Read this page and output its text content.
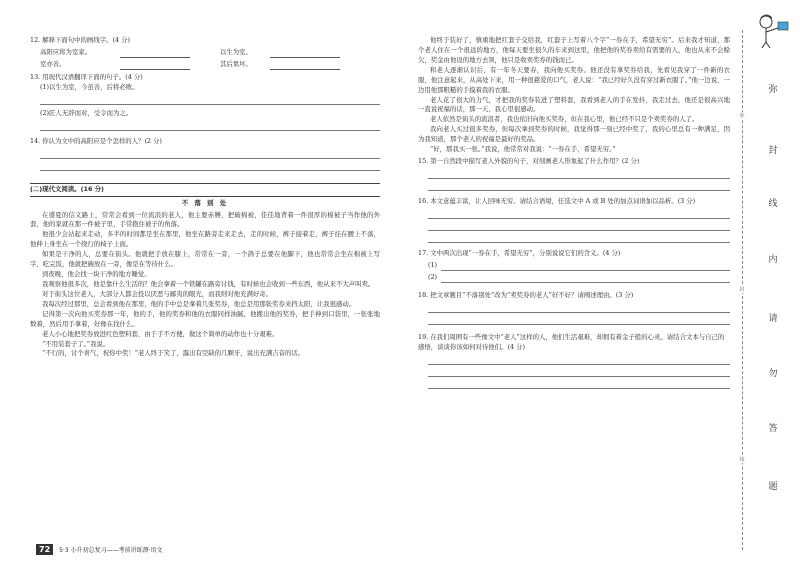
12. 解释下面句中的画线字。(4 分)

高阳应将为室家。	以生为室。
室亦善。	其后果坏。

13. 用现代汉语翻译下面的句子。(4 分)

(1)以生为室，今虽善，后将必败。

(2)匠人无辞而对，受令而为之。

14. 你认为文中的高阳应是个怎样的人？(2 分)

(二)现代文阅读。(16 分)
不 落 别 处

在盛夏的信义路上，常常会看到一位流浪的老人，他主要赤膊，把破棉被，佳佳地背着一件很厚的棉被子当作他的外套，他的家就在那一件被子里，手常抱住被子的角落。

他很少会站起来走动，多半的时间都是坐在那里，他坐在路旁走来走去，走的时候，裤子接着走，裤子挂在腰上不落，他伸上身坐在一个绕行的椅子上面。

如果是干净的人，总要在街头。他就把手放在膝上，常常在一旁，一个鸽子总要在他脚下，他也常常会坐在棉被上写字，吃完饭，他就把碗放在一旁，像是在等待什么。

到夜晚，他会找一块干净的地方睡觉。

我观察他很多次，他是靠什么生活的？他会拿着一个铁罐在路旁讨钱，有时候也会收到一些东西，他从来不大声叫卖。

对于街头这位老人，大部分人都会投以厌恶与鄙夷的眼光，而我则对他充满好奇。

我每次经过那里，总会看到他在那里，他的手中总是拿着几张奖券，他总是用那张奖券来挡太阳，让我很感动。

记得第一次向他买奖券那一年，他的手，他的奖券和他的衣服同样油腻，他搬出他的奖券，把手伸到口袋里，一张张地数着，然后用手拿着，好像在找什么。

老人小心地把奖券放进红色塑料套，由于手不方便，做这个简单的动作也十分艰难。

“不用装套子了。”我说。

“不行的，讨个喜气，祝你中奖！”老人终于笑了，露出有空缺的几颗牙，说出充满吉音的话。

72	5·3 小升初总复习——考前讲练测·语文

他终于装好了，慎重地把红套子交给我，红套子上写着八个字“一券在手，希望无穷”。后来我才知道，那个老人住在一个很远的地方，他每天要坐很久的车来到这里，他把他的奖券卖给有需要的人，他也从来不会赊欠，奖金由他设的地方去领，他只是收卖奖券的钱而已。

和老人逐渐认识后，有一年冬天要春，我向他买奖券。他还没有拿奖券给我，先看见我穿了一件新的衣服，他注意起来，从高处下来，用一种很慈爱的口气，老人说：“我已经好久没有穿过新衣服了。”他一边说，一边用他那粗糙的手摸着我的衣服。

老人花了很大的力气，才把我的奖券装进了塑料套，我看到老人的手在发抖，我走过去，他还是很高兴地一直说祝福的话，那一天，我心里很感动。

老人依然是街头的流浪者，我也依旧向他买奖券，但在我心里，他已经不只是个卖奖券的人了。

我向老人买过很多奖券，但每次拿到奖券的时候，我觉得那一刻已经中奖了，我的心里总有一种满足，因为我知道，那个老人的祝福是最好的奖品。

“好，那我买一张。”我说，他常常对我说：“一券在手，希望无穷。”

15. 第一自然段中描写老人外貌的句子，对刻画老人形象起了什么作用？(2 分)

16. 本文意蕴丰富，让人回味无穷。请结合语境，任选文中 A 或 B 处的加点词语加以品析。(3 分)

17. 文中两次出现“一券在手，希望无穷”，分别说说它们的含义。(4 分)

(1)
(2)

18. 把文章题目“不落别处”改为“卖奖券的老人”好不好？请阐述理由。(3 分)

19. 在我们周围有一些像文中“老人”这样的人，他们生活艰难，却拥有着金子般的心灵。请结合文本与自己的感悟，谈谈你该如何对待他们。(4 分)

弥
封
线
弥
封
线
内
请
勿
答
题
